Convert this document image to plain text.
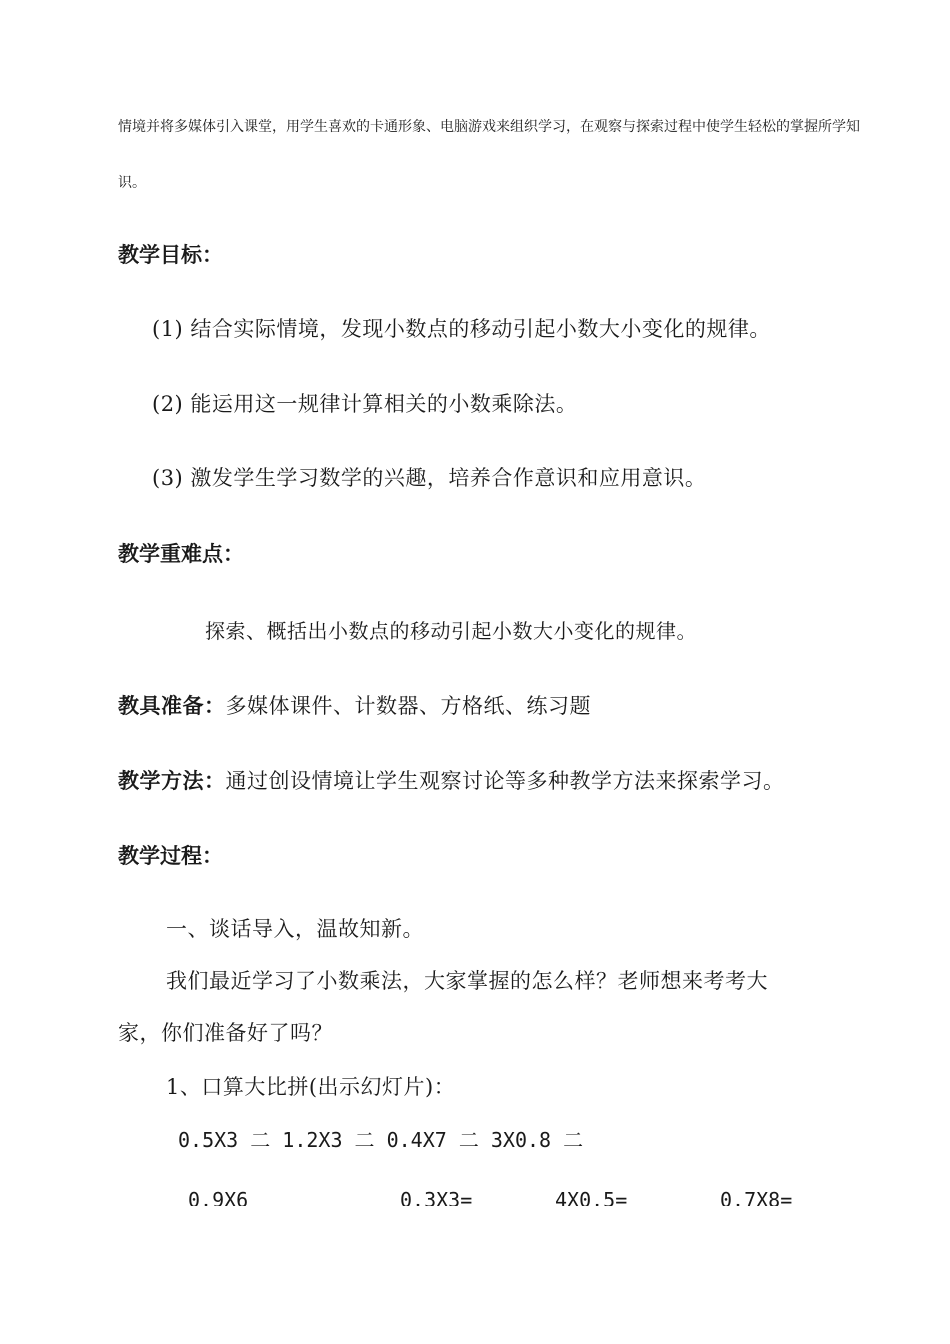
情境并将多媒体引入课堂，用学生喜欢的卡通形象、电脑游戏来组织学习，在观察与探索过程中使学生轻松的掌握所学知

识。

教学目标：

(1) 结合实际情境，发现小数点的移动引起小数大小变化的规律。

(2) 能运用这一规律计算相关的小数乘除法。

(3) 激发学生学习数学的兴趣，培养合作意识和应用意识。

教学重难点：

探索、概括出小数点的移动引起小数大小变化的规律。

教具准备：多媒体课件、计数器、方格纸、练习题

教学方法：通过创设情境让学生观察讨论等多种教学方法来探索学习。

教学过程：

一、谈话导入，温故知新。

我们最近学习了小数乘法，大家掌握的怎么样？老师想来考考大

家，你们准备好了吗？

1、口算大比拼(出示幻灯片)：

0.5X3 二 1.2X3 二 0.4X7 二 3X0.8 二

0.9X6	0.3X3=	4X0.5=	0.7X8=
